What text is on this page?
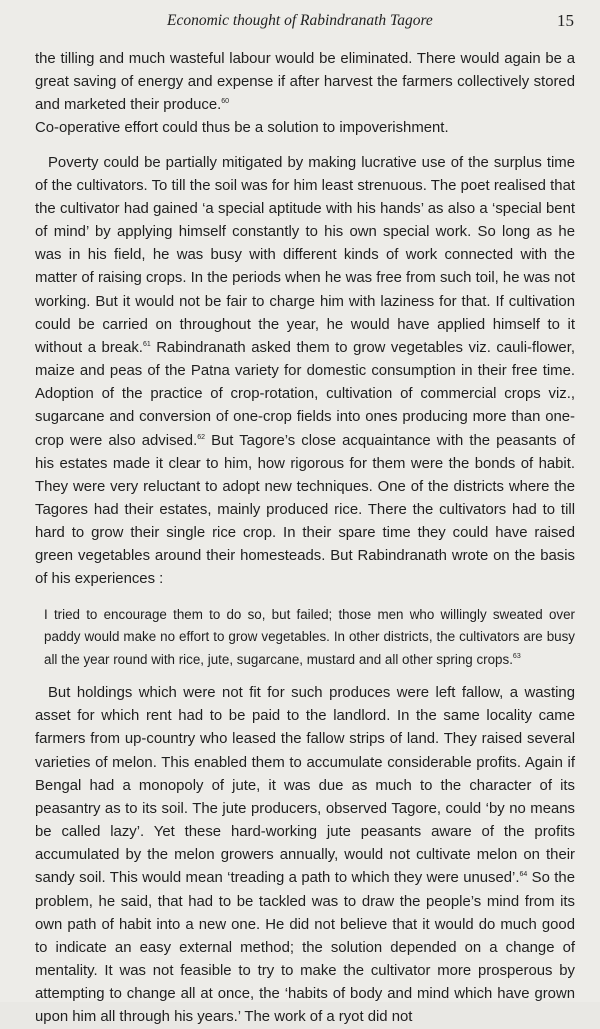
Economic thought of Rabindranath Tagore	15

the tilling and much wasteful labour would be eliminated. There would again be a great saving of energy and expense if after harvest the farmers collectively stored and marketed their produce.$^{60}$

Co-operative effort could thus be a solution to impoverishment.

Poverty could be partially mitigated by making lucrative use of the surplus time of the cultivators. To till the soil was for him least strenuous. The poet realised that the cultivator had gained ‘a special aptitude with his hands’ as also a ‘special bent of mind’ by applying himself constantly to his own special work. So long as he was in his field, he was busy with different kinds of work connected with the matter of raising crops. In the periods when he was free from such toil, he was not working. But it would not be fair to charge him with laziness for that. If cultivation could be carried on throughout the year, he would have applied himself to it without a break.$^{61}$ Rabindranath asked them to grow vegetables viz. cauli-flower, maize and peas of the Patna variety for domestic consumption in their free time. Adoption of the practice of crop-rotation, cultivation of commercial crops viz., sugarcane and conversion of one-crop fields into ones producing more than one-crop were also advised.$^{62}$ But Tagore’s close acquaintance with the peasants of his estates made it clear to him, how rigorous for them were the bonds of habit. They were very reluctant to adopt new techniques. One of the districts where the Tagores had their estates, mainly produced rice. There the cultivators had to till hard to grow their single rice crop. In their spare time they could have raised green vegetables around their homesteads. But Rabindranath wrote on the basis of his experiences :

I tried to encourage them to do so, but failed; those men who willingly sweated over paddy would make no effort to grow vegetables. In other districts, the cultivators are busy all the year round with rice, jute, sugarcane, mustard and all other spring crops.$^{63}$

But holdings which were not fit for such produces were left fallow, a wasting asset for which rent had to be paid to the landlord. In the same locality came farmers from up-country who leased the fallow strips of land. They raised several varieties of melon. This enabled them to accumulate considerable profits. Again if Bengal had a monopoly of jute, it was due as much to the character of its peasantry as to its soil. The jute producers, observed Tagore, could ‘by no means be called lazy’. Yet these hard-working jute peasants aware of the profits accumulated by the melon growers annually, would not cultivate melon on their sandy soil. This would mean ‘treading a path to which they were unused’.$^{64}$ So the problem, he said, that had to be tackled was to draw the people’s mind from its own path of habit into a new one. He did not believe that it would do much good to indicate an easy external method; the solution depended on a change of mentality. It was not feasible to try to make the cultivator more prosperous by attempting to change all at once, the ‘habits of body and mind which have grown upon him all through his years.’ The work of a ryot did not
